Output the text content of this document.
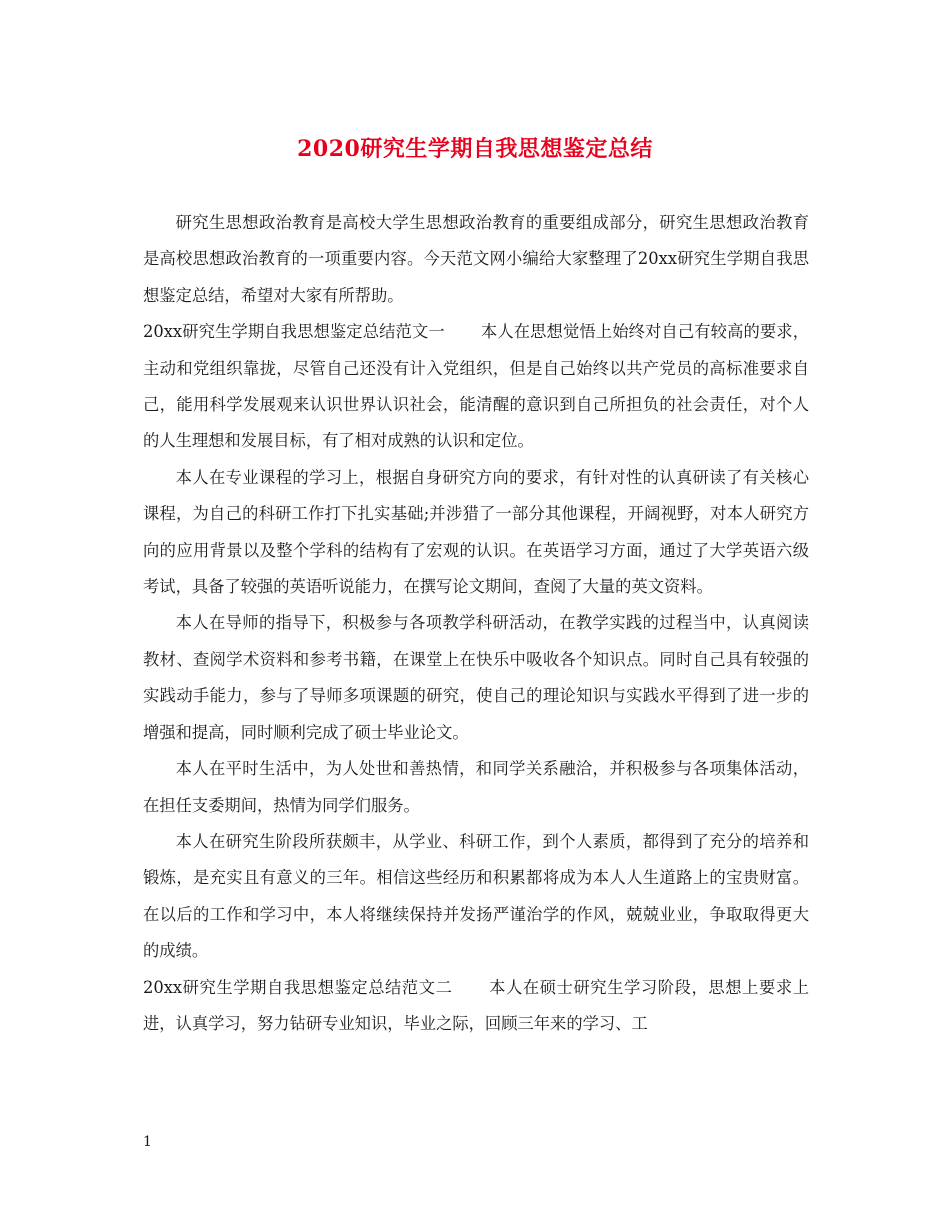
2020研究生学期自我思想鉴定总结

研究生思想政治教育是高校大学生思想政治教育的重要组成部分，研究生思想政治教育是高校思想政治教育的一项重要内容。今天范文网小编给大家整理了20xx研究生学期自我思想鉴定总结，希望对大家有所帮助。

20xx研究生学期自我思想鉴定总结范文一 本人在思想觉悟上始终对自己有较高的要求，主动和党组织靠拢，尽管自己还没有计入党组织，但是自己始终以共产党员的高标准要求自己，能用科学发展观来认识世界认识社会，能清醒的意识到自己所担负的社会责任，对个人的人生理想和发展目标，有了相对成熟的认识和定位。

本人在专业课程的学习上，根据自身研究方向的要求，有针对性的认真研读了有关核心课程，为自己的科研工作打下扎实基础;并涉猎了一部分其他课程，开阔视野，对本人研究方向的应用背景以及整个学科的结构有了宏观的认识。在英语学习方面，通过了大学英语六级考试，具备了较强的英语听说能力，在撰写论文期间，查阅了大量的英文资料。

本人在导师的指导下，积极参与各项教学科研活动，在教学实践的过程当中，认真阅读教材、查阅学术资料和参考书籍，在课堂上在快乐中吸收各个知识点。同时自己具有较强的实践动手能力，参与了导师多项课题的研究，使自己的理论知识与实践水平得到了进一步的增强和提高，同时顺利完成了硕士毕业论文。

本人在平时生活中，为人处世和善热情，和同学关系融洽，并积极参与各项集体活动，在担任支委期间，热情为同学们服务。

本人在研究生阶段所获颇丰，从学业、科研工作，到个人素质，都得到了充分的培养和锻炼，是充实且有意义的三年。相信这些经历和积累都将成为本人人生道路上的宝贵财富。在以后的工作和学习中，本人将继续保持并发扬严谨治学的作风，兢兢业业，争取取得更大的成绩。

20xx研究生学期自我思想鉴定总结范文二 本人在硕士研究生学习阶段，思想上要求上进，认真学习，努力钻研专业知识，毕业之际，回顾三年来的学习、工

1
